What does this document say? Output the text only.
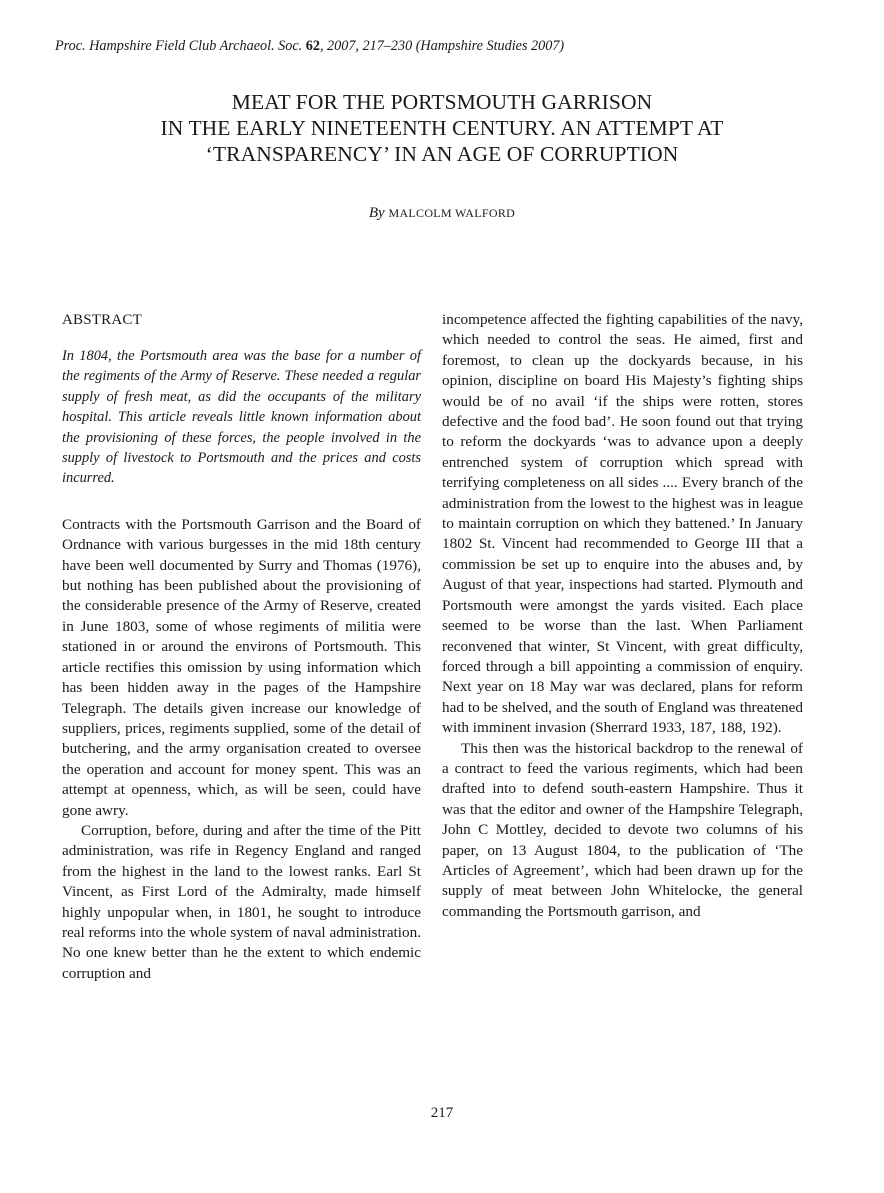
Proc. Hampshire Field Club Archaeol. Soc. 62, 2007, 217–230 (Hampshire Studies 2007)
MEAT FOR THE PORTSMOUTH GARRISON
IN THE EARLY NINETEENTH CENTURY. AN ATTEMPT AT
‘TRANSPARENCY’ IN AN AGE OF CORRUPTION
By MALCOLM WALFORD
ABSTRACT

In 1804, the Portsmouth area was the base for a number of the regiments of the Army of Reserve. These needed a regular supply of fresh meat, as did the occupants of the military hospital. This article reveals little known information about the provisioning of these forces, the people involved in the supply of livestock to Portsmouth and the prices and costs incurred.

Contracts with the Portsmouth Garrison and the Board of Ordnance with various burgesses in the mid 18th century have been well documented by Surry and Thomas (1976), but nothing has been published about the provisioning of the considerable presence of the Army of Reserve, created in June 1803, some of whose regiments of militia were stationed in or around the environs of Portsmouth. This article rectifies this omission by using information which has been hidden away in the pages of the Hampshire Telegraph. The details given increase our knowledge of suppliers, prices, regiments supplied, some of the detail of butchering, and the army organisation created to oversee the operation and account for money spent. This was an attempt at openness, which, as will be seen, could have gone awry.

Corruption, before, during and after the time of the Pitt administration, was rife in Regency England and ranged from the highest in the land to the lowest ranks. Earl St Vincent, as First Lord of the Admiralty, made himself highly unpopular when, in 1801, he sought to introduce real reforms into the whole system of naval administration. No one knew better than he the extent to which endemic corruption and

incompetence affected the fighting capabilities of the navy, which needed to control the seas. He aimed, first and foremost, to clean up the dockyards because, in his opinion, discipline on board His Majesty’s fighting ships would be of no avail ‘if the ships were rotten, stores defective and the food bad’. He soon found out that trying to reform the dockyards ‘was to advance upon a deeply entrenched system of corruption which spread with terrifying completeness on all sides .... Every branch of the administration from the lowest to the highest was in league to maintain corruption on which they battened.’ In January 1802 St. Vincent had recommended to George III that a commission be set up to enquire into the abuses and, by August of that year, inspections had started. Plymouth and Portsmouth were amongst the yards visited. Each place seemed to be worse than the last. When Parliament reconvened that winter, St Vincent, with great difficulty, forced through a bill appointing a commission of enquiry. Next year on 18 May war was declared, plans for reform had to be shelved, and the south of England was threatened with imminent invasion (Sherrard 1933, 187, 188, 192).

This then was the historical backdrop to the renewal of a contract to feed the various regiments, which had been drafted into to defend south-eastern Hampshire. Thus it was that the editor and owner of the Hampshire Telegraph, John C Mottley, decided to devote two columns of his paper, on 13 August 1804, to the publication of ‘The Articles of Agreement’, which had been drawn up for the supply of meat between John Whitelocke, the general commanding the Portsmouth garrison, and

217
